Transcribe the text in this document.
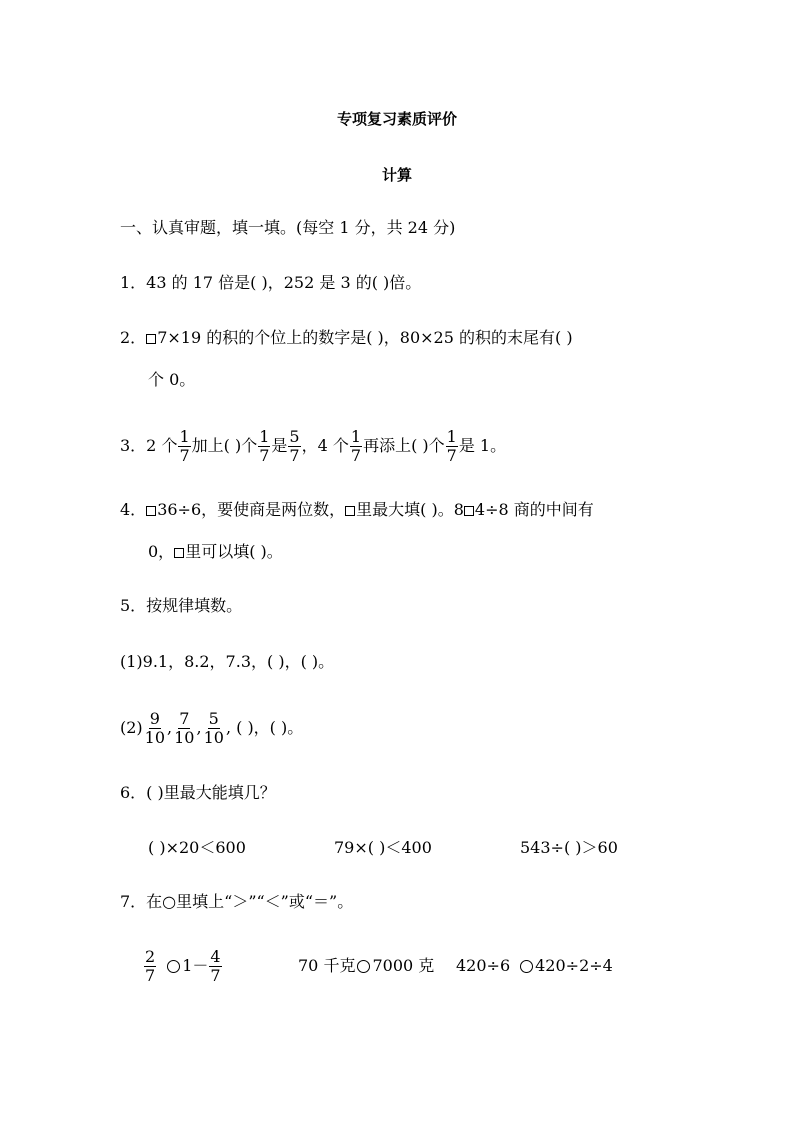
专项复习素质评价
计算
一、认真审题，填一填。(每空 1 分，共 24 分)
1．43 的 17 倍是( )，252 是 3 的( )倍。
2． 7×19 的积的个位上的数字是( )，80×25 的积的末尾有( )
个 0。
3．2 个 $\frac{1}{7}$ 加上( )个 $\frac{1}{7}$ 是 $\frac{5}{7}$ ，4 个 $\frac{1}{7}$ 再添上( )个 $\frac{1}{7}$ 是 1。
4． 36÷6，要使商是两位数， 里最大填( )。8 4÷8 商的中间有
0， 里可以填( )。
5．按规律填数。
(1)9.1，8.2，7.3，( )，( )。
$(2) \frac{9}{10}$ , $\frac{7}{10}$ , $\frac{5}{10}$ , ( )，( )。
6．( )里最大能填几？
( )×20＜600	79×( )＜400	543÷( )＞60
7．在○里填上“＞”“＜”或“＝”。
$\frac{2}{7} 1- \frac{4}{7}$	70 千克 7000 克 420÷6 420÷2÷4
